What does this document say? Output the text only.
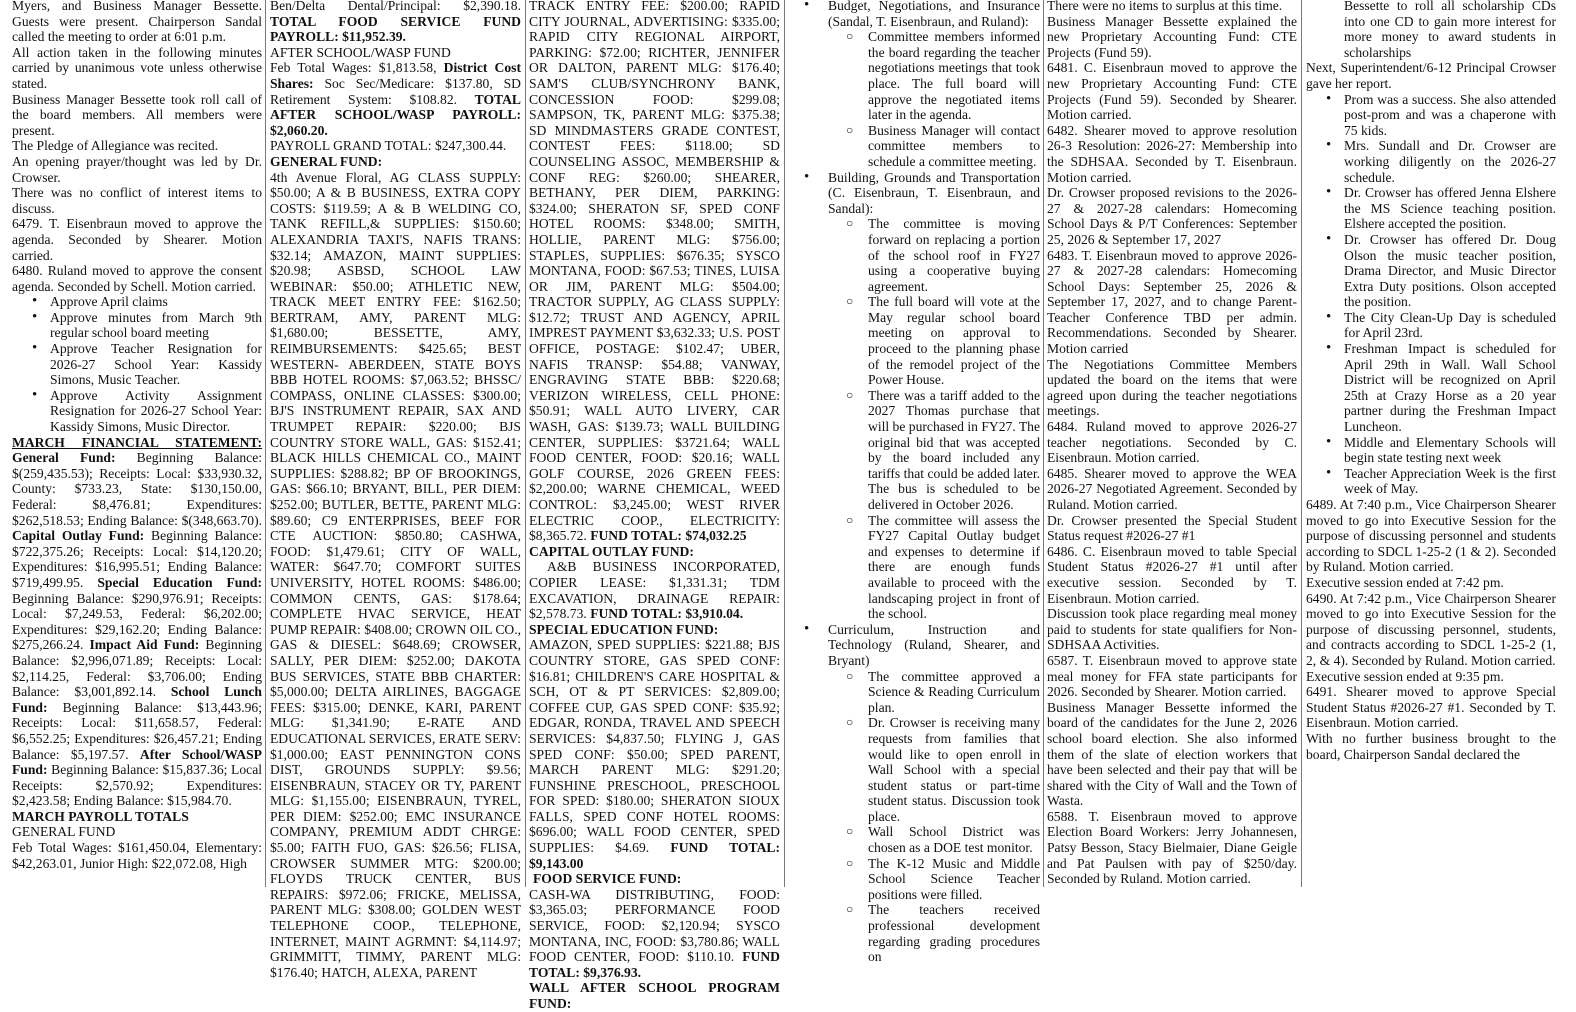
Myers, and Business Manager Bessette. Guests were present. Chairperson Sandal called the meeting to order at 6:01 p.m.

All action taken in the following minutes carried by unanimous vote unless otherwise stated.

Business Manager Bessette took roll call of the board members. All members were present.

The Pledge of Allegiance was recited.

An opening prayer/thought was led by Dr. Crowser.

There was no conflict of interest items to discuss.

6479. T. Eisenbraun moved to approve the agenda. Seconded by Shearer. Motion carried.

6480. Ruland moved to approve the consent agenda. Seconded by Schell. Motion carried.

• Approve April claims
• Approve minutes from March 9th regular school board meeting
• Approve Teacher Resignation for 2026-27 School Year: Kassidy Simons, Music Teacher.
• Approve Activity Assignment Resignation for 2026-27 School Year: Kassidy Simons, Music Director.

MARCH FINANCIAL STATEMENT: General Fund: Beginning Balance: $(259,435.53); Receipts: Local: $33,930.32, County: $733.23, State: $130,150.00, Federal: $8,476.81; Expenditures: $262,518.53; Ending Balance: $(348,663.70). Capital Outlay Fund: Beginning Balance: $722,375.26; Receipts: Local: $14,120.20; Expenditures: $16,995.51; Ending Balance: $719,499.95. Special Education Fund: Beginning Balance: $290,976.91; Receipts: Local: $7,249.53, Federal: $6,202.00; Expenditures: $29,162.20; Ending Balance: $275,266.24. Impact Aid Fund: Beginning Balance: $2,996,071.89; Receipts: Local: $2,114.25, Federal: $3,706.00; Ending Balance: $3,001,892.14. School Lunch Fund: Beginning Balance: $13,443.96; Receipts: Local: $11,658.57, Federal: $6,552.25; Expenditures: $26,457.21; Ending Balance: $5,197.57. After School/WASP Fund: Beginning Balance: $15,837.36; Local Receipts: $2,570.92; Expenditures: $2,423.58; Ending Balance: $15,984.70.

MARCH PAYROLL TOTALS

GENERAL FUND

Feb Total Wages: $161,450.04, Elementary: $42,263.01, Junior High: $22,072.08, High

Ben/Delta Dental/Principal: $2,390.18. TOTAL FOOD SERVICE FUND PAYROLL: $11,952.39.

AFTER SCHOOL/WASP FUND

Feb Total Wages: $1,813.58, District Cost Shares: Soc Sec/Medicare: $137.80, SD Retirement System: $108.82. TOTAL AFTER SCHOOL/WASP PAYROLL: $2,060.20.

PAYROLL GRAND TOTAL: $247,300.44.

GENERAL FUND:

4th Avenue Floral, AG CLASS SUPPLY: $50.00; A & B BUSINESS, EXTRA COPY COSTS: $119.59; A & B WELDING CO, TANK REFILL,& SUPPLIES: $150.60; ALEXANDRIA TAXI'S, NAFIS TRANS: $32.14; AMAZON, MAINT SUPPLIES: $20.98; ASBSD, SCHOOL LAW WEBINAR: $50.00; ATHLETIC NEW, TRACK MEET ENTRY FEE: $162.50; BERTRAM, AMY, PARENT MLG: $1,680.00; BESSETTE, AMY, REIMBURSEMENTS: $425.65; BEST WESTERN- ABERDEEN, STATE BOYS BBB HOTEL ROOMS: $7,063.52; BHSSC/ COMPASS, ONLINE CLASSES: $300.00; BJ'S INSTRUMENT REPAIR, SAX AND TRUMPET REPAIR: $220.00; BJS COUNTRY STORE WALL, GAS: $152.41; BLACK HILLS CHEMICAL CO., MAINT SUPPLIES: $288.82; BP OF BROOKINGS, GAS: $66.10; BRYANT, BILL, PER DIEM: $252.00; BUTLER, BETTE, PARENT MLG: $89.60; C9 ENTERPRISES, BEEF FOR CTE AUCTION: $850.80; CASHWA, FOOD: $1,479.61; CITY OF WALL, WATER: $647.70; COMFORT SUITES UNIVERSITY, HOTEL ROOMS: $486.00; COMMON CENTS, GAS: $178.64; COMPLETE HVAC SERVICE, HEAT PUMP REPAIR: $408.00; CROWN OIL CO., GAS & DIESEL: $648.69; CROWSER, SALLY, PER DIEM: $252.00; DAKOTA BUS SERVICES, STATE BBB CHARTER: $5,000.00; DELTA AIRLINES, BAGGAGE FEES: $315.00; DENKE, KARI, PARENT MLG: $1,341.90; E-RATE AND EDUCATIONAL SERVICES, ERATE SERV: $1,000.00; EAST PENNINGTON CONS DIST, GROUNDS SUPPLY: $9.56; EISENBRAUN, STACEY OR TY, PARENT MLG: $1,155.00; EISENBRAUN, TYREL, PER DIEM: $252.00; EMC INSURANCE COMPANY, PREMIUM ADDT CHRGE: $5.00; FAITH FUO, GAS: $26.56; FLISA, CROWSER SUMMER MTG: $200.00; FLOYDS TRUCK CENTER, BUS REPAIRS: $972.06; FRICKE, MELISSA, PARENT MLG: $308.00; GOLDEN WEST TELEPHONE COOP., TELEPHONE, INTERNET, MAINT AGRMNT: $4,114.97; GRIMMITT, TIMMY, PARENT MLG: $176.40; HATCH, ALEXA, PARENT

TRACK ENTRY FEE: $200.00; RAPID CITY JOURNAL, ADVERTISING: $335.00; RAPID CITY REGIONAL AIRPORT, PARKING: $72.00; RICHTER, JENNIFER OR DALTON, PARENT MLG: $176.40; SAM'S CLUB/SYNCHRONY BANK, CONCESSION FOOD: $299.08; SAMPSON, TK, PARENT MLG: $375.38; SD MINDMASTERS GRADE CONTEST, CONTEST FEES: $118.00; SD COUNSELING ASSOC, MEMBERSHIP & CONF REG: $260.00; SHEARER, BETHANY, PER DIEM, PARKING: $324.00; SHERATON SF, SPED CONF HOTEL ROOMS: $348.00; SMITH, HOLLIE, PARENT MLG: $756.00; STAPLES, SUPPLIES: $676.35; SYSCO MONTANA, FOOD: $67.53; TINES, LUISA OR JIM, PARENT MLG: $504.00; TRACTOR SUPPLY, AG CLASS SUPPLY: $12.72; TRUST AND AGENCY, APRIL IMPREST PAYMENT $3,632.33; U.S. POST OFFICE, POSTAGE: $102.47; UBER, NAFIS TRANSP: $54.88; VANWAY, ENGRAVING STATE BBB: $220.68; VERIZON WIRELESS, CELL PHONE: $50.91; WALL AUTO LIVERY, CAR WASH, GAS: $139.73; WALL BUILDING CENTER, SUPPLIES: $3721.64; WALL FOOD CENTER, FOOD: $20.16; WALL GOLF COURSE, 2026 GREEN FEES: $2,200.00; WARNE CHEMICAL, WEED CONTROL: $3,245.00; WEST RIVER ELECTRIC COOP., ELECTRICITY: $8,365.72. FUND TOTAL: $74,032.25

CAPITAL OUTLAY FUND:

A&B BUSINESS INCORPORATED, COPIER LEASE: $1,331.31; TDM EXCAVATION, DRAINAGE REPAIR: $2,578.73. FUND TOTAL: $3,910.04.

SPECIAL EDUCATION FUND:

AMAZON, SPED SUPPLIES: $221.88; BJS COUNTRY STORE, GAS SPED CONF: $16.81; CHILDREN'S CARE HOSPITAL & SCH, OT & PT SERVICES: $2,809.00; COFFEE CUP, GAS SPED CONF: $35.92; EDGAR, RONDA, TRAVEL AND SPEECH SERVICES: $4,837.50; FLYING J, GAS SPED CONF: $50.00; SPED PARENT, MARCH PARENT MLG: $291.20; FUNSHINE PRESCHOOL, PRESCHOOL FOR SPED: $180.00; SHERATON SIOUX FALLS, SPED CONF HOTEL ROOMS: $696.00; WALL FOOD CENTER, SPED SUPPLIES: $4.69. FUND TOTAL: $9,143.00

FOOD SERVICE FUND:

CASH-WA DISTRIBUTING, FOOD: $3,365.03; PERFORMANCE FOOD SERVICE, FOOD: $2,120.94; SYSCO MONTANA, INC, FOOD: $3,780.86; WALL FOOD CENTER, FOOD: $110.10. FUND TOTAL: $9,376.93.

WALL AFTER SCHOOL PROGRAM FUND:

• Budget, Negotiations, and Insurance (Sandal, T. Eisenbraun, and Ruland):
○ Committee members informed the board regarding the teacher negotiations meetings that took place. The full board will approve the negotiated items later in the agenda.
○ Business Manager will contact committee members to schedule a committee meeting.
• Building, Grounds and Transportation (C. Eisenbraun, T. Eisenbraun, and Sandal):
○ The committee is moving forward on replacing a portion of the school roof in FY27 using a cooperative buying agreement.
○ The full board will vote at the May regular school board meeting on approval to proceed to the planning phase of the remodel project of the Power House.
○ There was a tariff added to the 2027 Thomas purchase that will be purchased in FY27. The original bid that was accepted by the board included any tariffs that could be added later. The bus is scheduled to be delivered in October 2026.
○ The committee will assess the FY27 Capital Outlay budget and expenses to determine if there are enough funds available to proceed with the landscaping project in front of the school.
• Curriculum, Instruction and Technology (Ruland, Shearer, and Bryant)
○ The committee approved a Science & Reading Curriculum plan.
○ Dr. Crowser is receiving many requests from families that would like to open enroll in Wall School with a special student status or part-time student status. Discussion took place.
○ Wall School District was chosen as a DOE test monitor.
○ The K-12 Music and Middle School Science Teacher positions were filled.
○ The teachers received professional development regarding grading procedures on

There were no items to surplus at this time.

Business Manager Bessette explained the new Proprietary Accounting Fund: CTE Projects (Fund 59).

6481. C. Eisenbraun moved to approve the new Proprietary Accounting Fund: CTE Projects (Fund 59). Seconded by Shearer. Motion carried.

6482. Shearer moved to approve resolution 26-3 Resolution: 2026-27: Membership into the SDHSAA. Seconded by T. Eisenbraun. Motion carried.

Dr. Crowser proposed revisions to the 2026-27 & 2027-28 calendars: Homecoming School Days & P/T Conferences: September 25, 2026 & September 17, 2027

6483. T. Eisenbraun moved to approve 2026-27 & 2027-28 calendars: Homecoming School Days: September 25, 2026 & September 17, 2027, and to change Parent-Teacher Conference TBD per admin. Recommendations. Seconded by Shearer. Motion carried

The Negotiations Committee Members updated the board on the items that were agreed upon during the teacher negotiations meetings.

6484. Ruland moved to approve 2026-27 teacher negotiations. Seconded by C. Eisenbraun. Motion carried.

6485. Shearer moved to approve the WEA 2026-27 Negotiated Agreement. Seconded by Ruland. Motion carried.

Dr. Crowser presented the Special Student Status request #2026-27 #1

6486. C. Eisenbraun moved to table Special Student Status #2026-27 #1 until after executive session. Seconded by T. Eisenbraun. Motion carried.

Discussion took place regarding meal money paid to students for state qualifiers for Non-SDHSAA Activities.

6587. T. Eisenbraun moved to approve state meal money for FFA state participants for 2026. Seconded by Shearer. Motion carried.

Business Manager Bessette informed the board of the candidates for the June 2, 2026 school board election. She also informed them of the slate of election workers that have been selected and their pay that will be shared with the City of Wall and the Town of Wasta.

6588. T. Eisenbraun moved to approve Election Board Workers: Jerry Johannesen, Patsy Besson, Stacy Bielmaier, Diane Geigle and Pat Paulsen with pay of $250/day. Seconded by Ruland. Motion carried.

Bessette to roll all scholarship CDs into one CD to gain more interest for more money to award students in scholarships

Next, Superintendent/6-12 Principal Crowser gave her report.

• Prom was a success. She also attended post-prom and was a chaperone with 75 kids.
• Mrs. Sundall and Dr. Crowser are working diligently on the 2026-27 schedule.
• Dr. Crowser has offered Jenna Elshere the MS Science teaching position. Elshere accepted the position.
• Dr. Crowser has offered Dr. Doug Olson the music teacher position, Drama Director, and Music Director Extra Duty positions. Olson accepted the position.
• The City Clean-Up Day is scheduled for April 23rd.
• Freshman Impact is scheduled for April 29th in Wall. Wall School District will be recognized on April 25th at Crazy Horse as a 20 year partner during the Freshman Impact Luncheon.
• Middle and Elementary Schools will begin state testing next week
• Teacher Appreciation Week is the first week of May.

6489. At 7:40 p.m., Vice Chairperson Shearer moved to go into Executive Session for the purpose of discussing personnel and students according to SDCL 1-25-2 (1 & 2). Seconded by Ruland. Motion carried.

Executive session ended at 7:42 pm.

6490. At 7:42 p.m., Vice Chairperson Shearer moved to go into Executive Session for the purpose of discussing personnel, students, and contracts according to SDCL 1-25-2 (1, 2, & 4). Seconded by Ruland. Motion carried.

Executive session ended at 9:35 pm.

6491. Shearer moved to approve Special Student Status #2026-27 #1. Seconded by T. Eisenbraun. Motion carried.

With no further business brought to the board, Chairperson Sandal declared the
